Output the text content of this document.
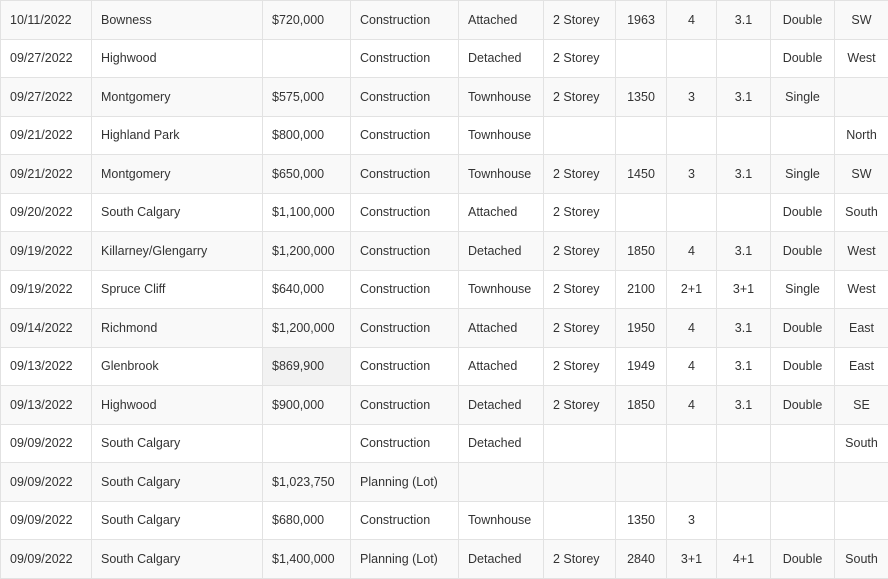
10/11/2022	Bowness	$720,000	Construction	Attached	2 Storey	1963	4	3.1	Double	SW
09/27/2022	Highwood		Construction	Detached	2 Storey				Double	West
09/27/2022	Montgomery	$575,000	Construction	Townhouse	2 Storey	1350	3	3.1	Single	
09/21/2022	Highland Park	$800,000	Construction	Townhouse						North
09/21/2022	Montgomery	$650,000	Construction	Townhouse	2 Storey	1450	3	3.1	Single	SW
09/20/2022	South Calgary	$1,100,000	Construction	Attached	2 Storey				Double	South
09/19/2022	Killarney/Glengarry	$1,200,000	Construction	Detached	2 Storey	1850	4	3.1	Double	West
09/19/2022	Spruce Cliff	$640,000	Construction	Townhouse	2 Storey	2100	2+1	3+1	Single	West
09/14/2022	Richmond	$1,200,000	Construction	Attached	2 Storey	1950	4	3.1	Double	East
09/13/2022	Glenbrook	$869,900	Construction	Attached	2 Storey	1949	4	3.1	Double	East
09/13/2022	Highwood	$900,000	Construction	Detached	2 Storey	1850	4	3.1	Double	SE
09/09/2022	South Calgary		Construction	Detached						South
09/09/2022	South Calgary	$1,023,750	Planning (Lot)							
09/09/2022	South Calgary	$680,000	Construction	Townhouse		1350	3			
09/09/2022	South Calgary	$1,400,000	Planning (Lot)	Detached	2 Storey	2840	3+1	4+1	Double	South
